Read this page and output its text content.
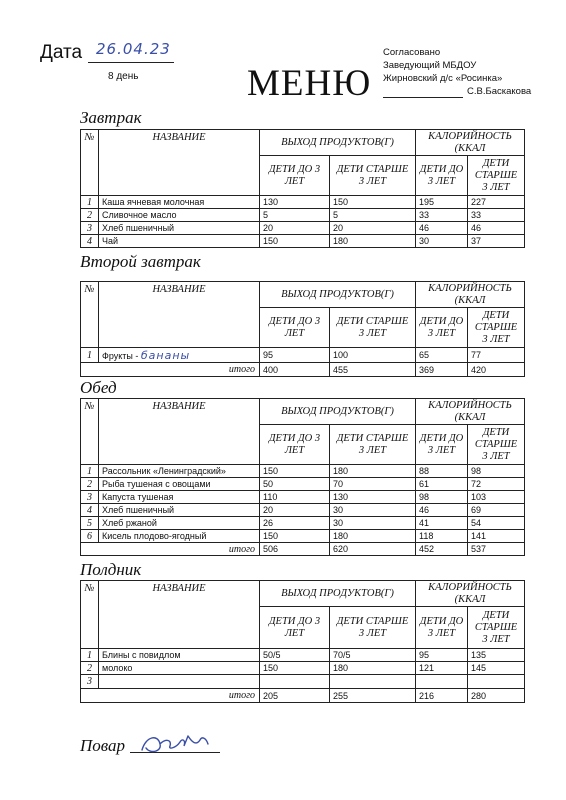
Дата 26.04.23
8 день	МЕНЮ
Согласовано
Заведующий МБДОУ
Жирновский д/с «Росинка»
С.В.Баскакова
Завтрак
№	НАЗВАНИЕ	ВЫХОД ПРОДУКТОВ(Г)		КАЛОРИЙНОСТЬ (ККАЛ	
		ДЕТИ ДО 3 ЛЕТ	ДЕТИ СТАРШЕ 3 ЛЕТ	ДЕТИ ДО 3 ЛЕТ	ДЕТИ СТАРШЕ 3 ЛЕТ
1	Каша ячневая молочная	130	150	195	227
2	Сливочное масло	5	5	33	33
3	Хлеб пшеничный	20	20	46	46
4	Чай	150	180	30	37
Второй завтрак
№	НАЗВАНИЕ	ВЫХОД ПРОДУКТОВ(Г)		КАЛОРИЙНОСТЬ (ККАЛ	
		ДЕТИ ДО 3 ЛЕТ	ДЕТИ СТАРШЕ 3 ЛЕТ	ДЕТИ ДО 3 ЛЕТ	ДЕТИ СТАРШЕ 3 ЛЕТ
1	Фрукты - бананы	95	100	65	77
итого		400	455	369	420
Обед
№	НАЗВАНИЕ	ВЫХОД ПРОДУКТОВ(Г)		КАЛОРИЙНОСТЬ (ККАЛ	
		ДЕТИ ДО 3 ЛЕТ	ДЕТИ СТАРШЕ 3 ЛЕТ	ДЕТИ ДО 3 ЛЕТ	ДЕТИ СТАРШЕ 3 ЛЕТ
1	Рассольник «Ленинградский»	150	180	88	98
2	Рыба тушеная с овощами	50	70	61	72
3	Капуста тушеная	110	130	98	103
4	Хлеб пшеничный	20	30	46	69
5	Хлеб ржаной	26	30	41	54
6	Кисель плодово-ягодный	150	180	118	141
итого		506	620	452	537
Полдник
№	НАЗВАНИЕ	ВЫХОД ПРОДУКТОВ(Г)		КАЛОРИЙНОСТЬ (ККАЛ	
		ДЕТИ ДО 3 ЛЕТ	ДЕТИ СТАРШЕ 3 ЛЕТ	ДЕТИ ДО 3 ЛЕТ	ДЕТИ СТАРШЕ 3 ЛЕТ
1	Блины с повидлом	50/5	70/5	95	135
2	молоко	150	180	121	145
3					
итого		205	255	216	280
Повар
